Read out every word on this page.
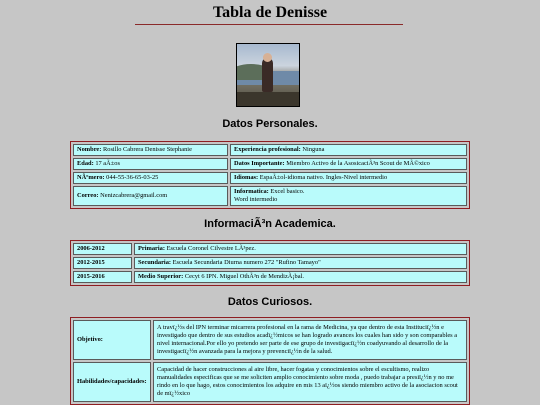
Tabla de Denisse
Datos Personales.
Nombre: Rosillo Cabrera Denisse Stephanie	Experiencia profesional: Ninguna
Edad: 17 aÃ±os	Datos Importante: Miembro Activo de la AsosicaciÃ³n Scout de MÃ©xico
NÃºmero: 044-55-36-65-03-25	Idiomas: EspaÃ±ol-idioma nativo. Ingles-Nivel intermedio
Correo: Nenizcabrera@gmail.com	Informatica: Excel basico.
Word intermedio
InformaciÃ³n Academica.
2006-2012	Primaria: Escuela Coronel Cilvestre LÃ³pez.
2012-2015	Secundaria: Escuela Secundaria Diurna numero 272 "Rufino Tamayo"
2015-2016	Medio Superior: Cecyt 6 IPN. Miguel OthÃ³n de MendizÃ¡bal.
Datos Curiosos.
Objetivo:	A travï¿½s del IPN terminar micarrera profesional en la rama de Medicina, ya que dentro de esta Instituciï¿½n e investigado que dentro de sus estudios acadï¿½micos se han logrado avances los cuales han sido y son comparables a nivel internacional.Por ello yo pretendo ser parte de ese grupo de investigaciï¿½n coadyuvando al desarrollo de la investigaciï¿½n avanzada para la mejora y prevenciï¿½n de la salud.
Habilidades/capacidades:	Capacidad de hacer construcciones al aire libre, hacer fogatas y conocimientos sobre el escultismo, realizo manualidades especificas que se me soliciten amplio conocimiento sobre moda , puedo trabajar a presiï¿½n y no me rindo en lo que hago, estos conocimientos los adquire en mis 13 aï¿½os siendo miembro activo de la asociacion scout de mï¿½xico
